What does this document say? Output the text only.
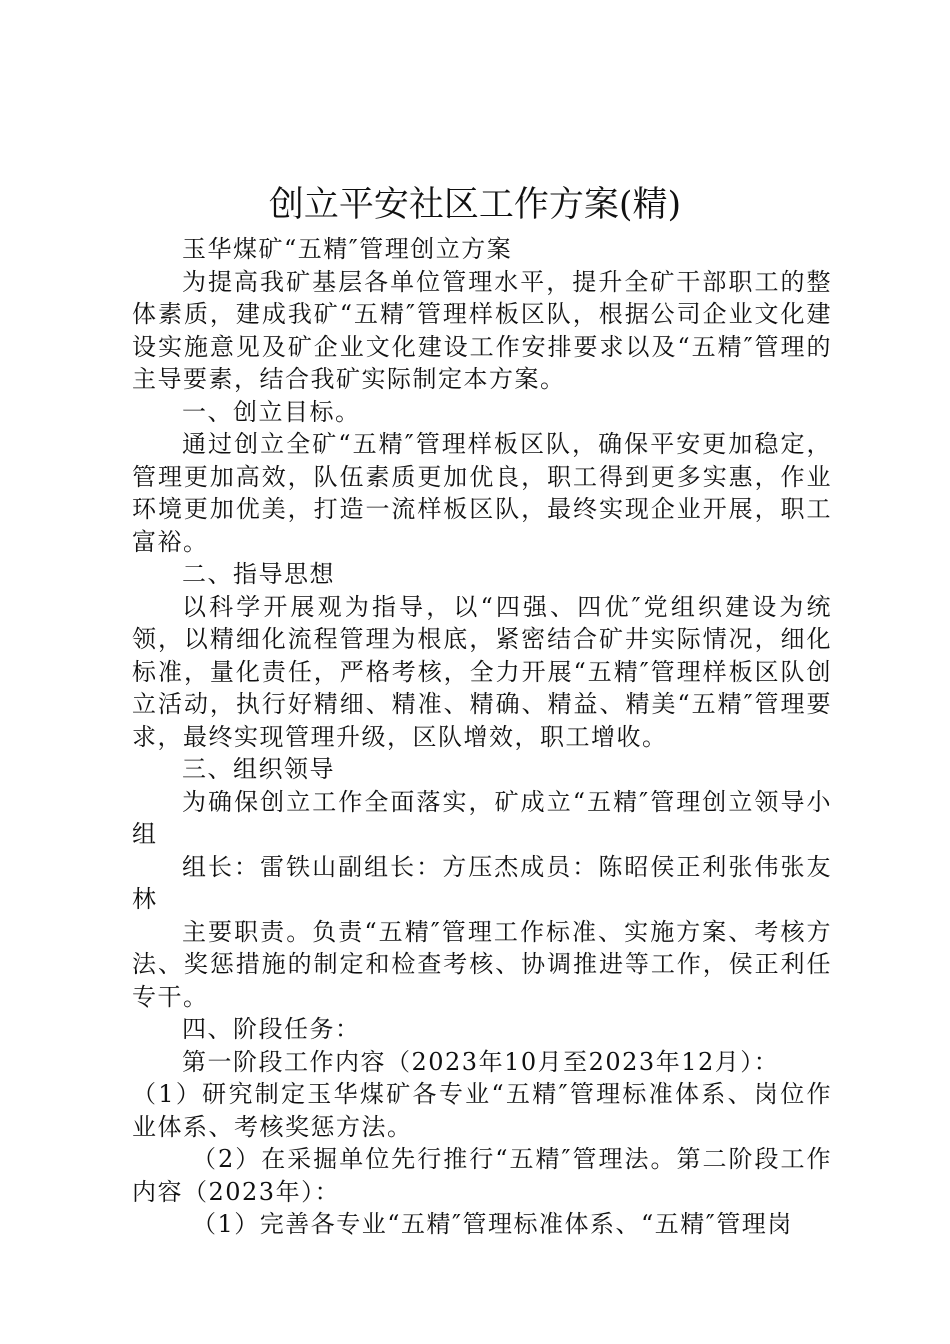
创立平安社区工作方案(精)

玉华煤矿“五精″管理创立方案

为提高我矿基层各单位管理水平，提升全矿干部职工的整体素质，建成我矿“五精″管理样板区队，根据公司企业文化建设实施意见及矿企业文化建设工作安排要求以及“五精″管理的主导要素，结合我矿实际制定本方案。

一、创立目标。

通过创立全矿“五精″管理样板区队，确保平安更加稳定，管理更加高效，队伍素质更加优良，职工得到更多实惠，作业环境更加优美，打造一流样板区队，最终实现企业开展，职工富裕。

二、指导思想

以科学开展观为指导，以“四强、四优″党组织建设为统领，以精细化流程管理为根底，紧密结合矿井实际情况，细化标准，量化责任，严格考核，全力开展“五精″管理样板区队创立活动，执行好精细、精准、精确、精益、精美“五精″管理要求，最终实现管理升级，区队增效，职工增收。

三、组织领导

为确保创立工作全面落实，矿成立“五精″管理创立领导小组

组长：雷铁山副组长：方压杰成员：陈昭侯正利张伟张友林

主要职责。负责“五精″管理工作标准、实施方案、考核方法、奖惩措施的制定和检查考核、协调推进等工作，侯正利任专干。

四、阶段任务：

第一阶段工作内容（2023年10月至2023年12月）：

（1）研究制定玉华煤矿各专业“五精″管理标准体系、岗位作业体系、考核奖惩方法。

（2）在采掘单位先行推行“五精″管理法。第二阶段工作内容（2023年）：

（1）完善各专业“五精″管理标准体系、“五精″管理岗
